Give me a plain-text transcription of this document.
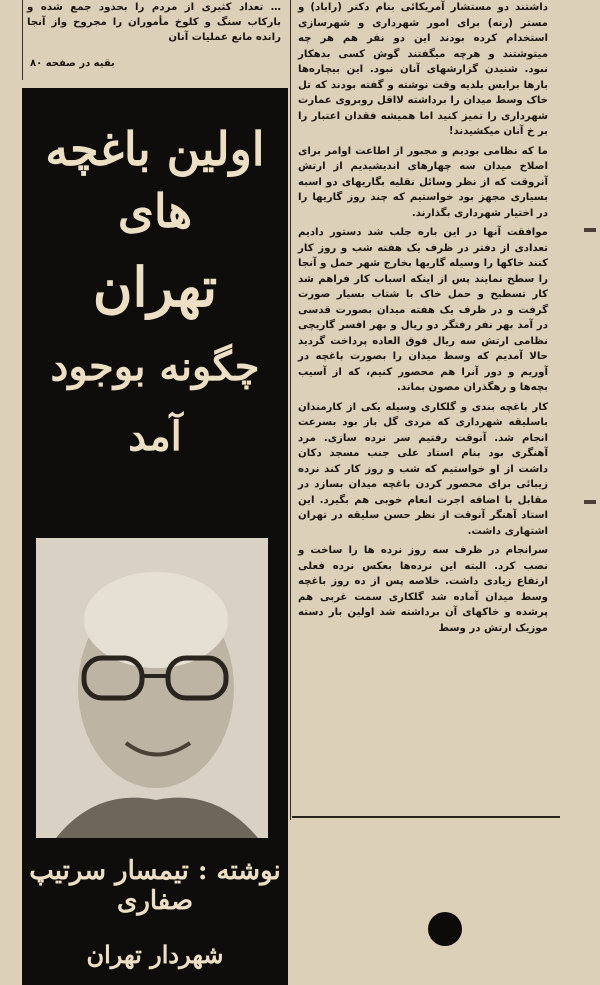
… تعداد کثیری از مردم را بحدود جمع شده و بارکاب سنگ و کلوخ مأموران را مجروح واز آنجا رانده مانع عملیات آنان

بقیه در صفحه ۸۰
اولین باغچه های
تهران
چگونه بوجود آمد
نوشته : تیمسار سرتیپ صفاری
شهردار تهران

داشتند دو مستشار آمریکائی بنام دکتر (راباد) و مستر (رنه) برای امور شهرداری و شهرسازی استخدام کرده بودند این دو نفر هم هر چه میتوشتند و هرچه میگفتند گوش کسی بدهکار نبود. شنیدن گزارشهای آنان نبود. این بیچاره‌ها بارها برایس بلدیه وقت نوشته و گفته بودند که تل خاک وسط میدان را برداشته لااقل روبروی عمارت شهرداری را تمیز کنید اما همیشه فقدان اعتبار را بر خ آنان میکشیدند!

ما که نظامی بودیم و مجبور از اطاعت اوامر برای اصلاح میدان سه چهارهای اندیشیدیم از ارتش آنروقت که از نظر وسائل نقلیه بگاریهای دو اسبه بسیاری مجهز بود خواستیم که چند روز گاریها را در اختیار شهرداری بگذارند.

موافقت آنها در این باره جلب شد دستور دادیم تعدادی از دفتر در ظرف یک هفته شب و روز کار کنند خاکها را وسیله گاریها بخارج شهر حمل و آنجا را سطح نمایند پس از اینکه اسباب کار فراهم شد کار تسطیح و حمل خاک با شتاب بسیار صورت گرفت و در ظرف یک هفته میدان بصورت قدسی در آمد بهر نفر رفتگر دو ریال و بهر افسر گاریچی نظامی ارتش سه ریال فوق العاده پرداخت گردید حالا آمدیم که وسط میدان را بصورت باغچه در آوریم و دور آنرا هم محصور کنیم، که از آسیب بچه‌ها و رهگذران مصون بماند.

کار باغچه بندی و گلکاری وسیله یکی از کارمندان باسلیقه شهرداری که مردی گل باز بود بسرعت انجام شد. آنوقت رفتیم سر نرده سازی. مرد آهنگری بود بنام استاد علی جنب مسجد دکان داشت از او خواستیم که شب و روز کار کند نرده زیبائی برای محصور کردن باغچه میدان بسازد در مقابل با اضافه اجرت انعام خوبی هم بگیرد. این استاد آهنگر آنوقت از نظر حسن سلیقه در تهران اشتهاری داشت.

سرانجام در ظرف سه روز نرده ها را ساخت و نصب کرد. البته این نرده‌ها بعکس نرده فعلی ارتفاع زیادی داشت. خلاصه پس از ده روز باغچه وسط میدان آماده شد گلکاری سمت غربی هم پرشده و خاکهای آن برداشته شد اولین بار دسته موزیک ارتش در وسط
